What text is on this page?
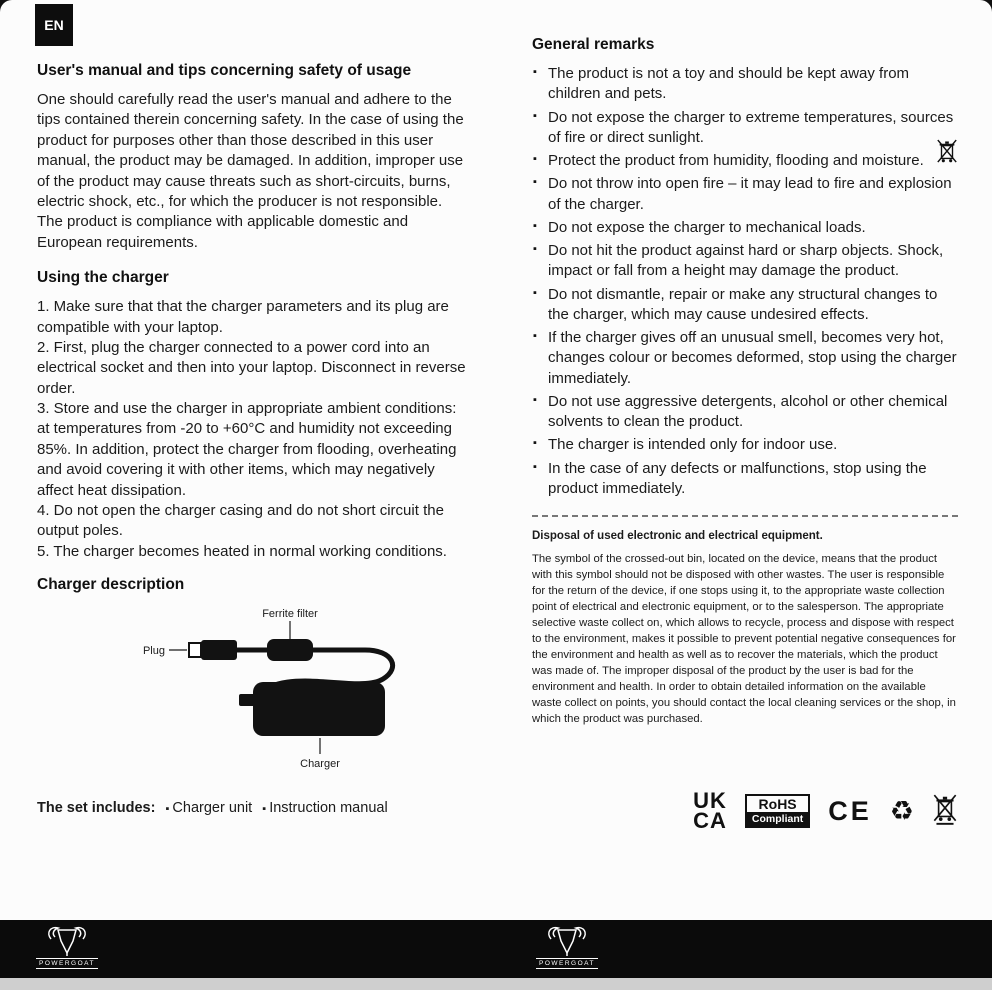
EN
User's manual and tips concerning safety of usage

One should carefully read the user's manual and adhere to the tips contained therein concerning safety. In the case of using the product for purposes other than those described in this user manual, the product may be damaged. In addition, improper use of the product may cause threats such as short-circuits, burns, electric shock, etc., for which the producer is not responsible. The product is compliance with applicable domestic and European requirements.

Using the charger

1. Make sure that that the charger parameters and its plug are compatible with your laptop.

2. First, plug the charger connected to a power cord into an electrical socket and then into your laptop. Disconnect in reverse order.

3. Store and use the charger in appropriate ambient conditions: at temperatures from -20 to +60°C and humidity not exceeding 85%. In addition, protect the charger from flooding, overheating and avoid covering it with other items, which may negatively affect heat dissipation.

4. Do not open the charger casing and do not short circuit the output poles.

5. The charger becomes heated in normal working conditions.

Charger description
Ferrite filter
Plug
Charger
The set includes: ▪ Charger unit ▪ Instruction manual
General remarks
▪ The product is not a toy and should be kept away from children and pets.
▪ Do not expose the charger to extreme temperatures, sources of fire or direct sunlight.
▪ Protect the product from humidity, flooding and moisture.
▪ Do not throw into open fire – it may lead to fire and explosion of the charger.
▪ Do not expose the charger to mechanical loads.
▪ Do not hit the product against hard or sharp objects. Shock, impact or fall from a height may damage the product.
▪ Do not dismantle, repair or make any structural changes to the charger, which may cause undesired effects.
▪ If the charger gives off an unusual smell, becomes very hot, changes colour or becomes deformed, stop using the charger immediately.
▪ Do not use aggressive detergents, alcohol or other chemical solvents to clean the product.
▪ The charger is intended only for indoor use.
▪ In the case of any defects or malfunctions, stop using the product immediately.

Disposal of used electronic and electrical equipment.

The symbol of the crossed-out bin, located on the device, means that the product with this symbol should not be disposed with other wastes. The user is responsible for the return of the device, if one stops using it, to the appropriate waste collection point of electrical and electronic equipment, or to the salesperson. The appropriate selective waste collect on, which allows to recycle, process and dispose with respect to the environment, makes it possible to prevent potential negative consequences for the environment and health as well as to recover the materials, which the product was made of. The improper disposal of the product by the user is bad for the environment and health. In order to obtain detailed information on the available waste collect on points, you should contact the local cleaning services or the shop, in which the product was purchased.

UK
CA
RoHS
Compliant CE ♻
POWERGOAT	POWERGOAT
